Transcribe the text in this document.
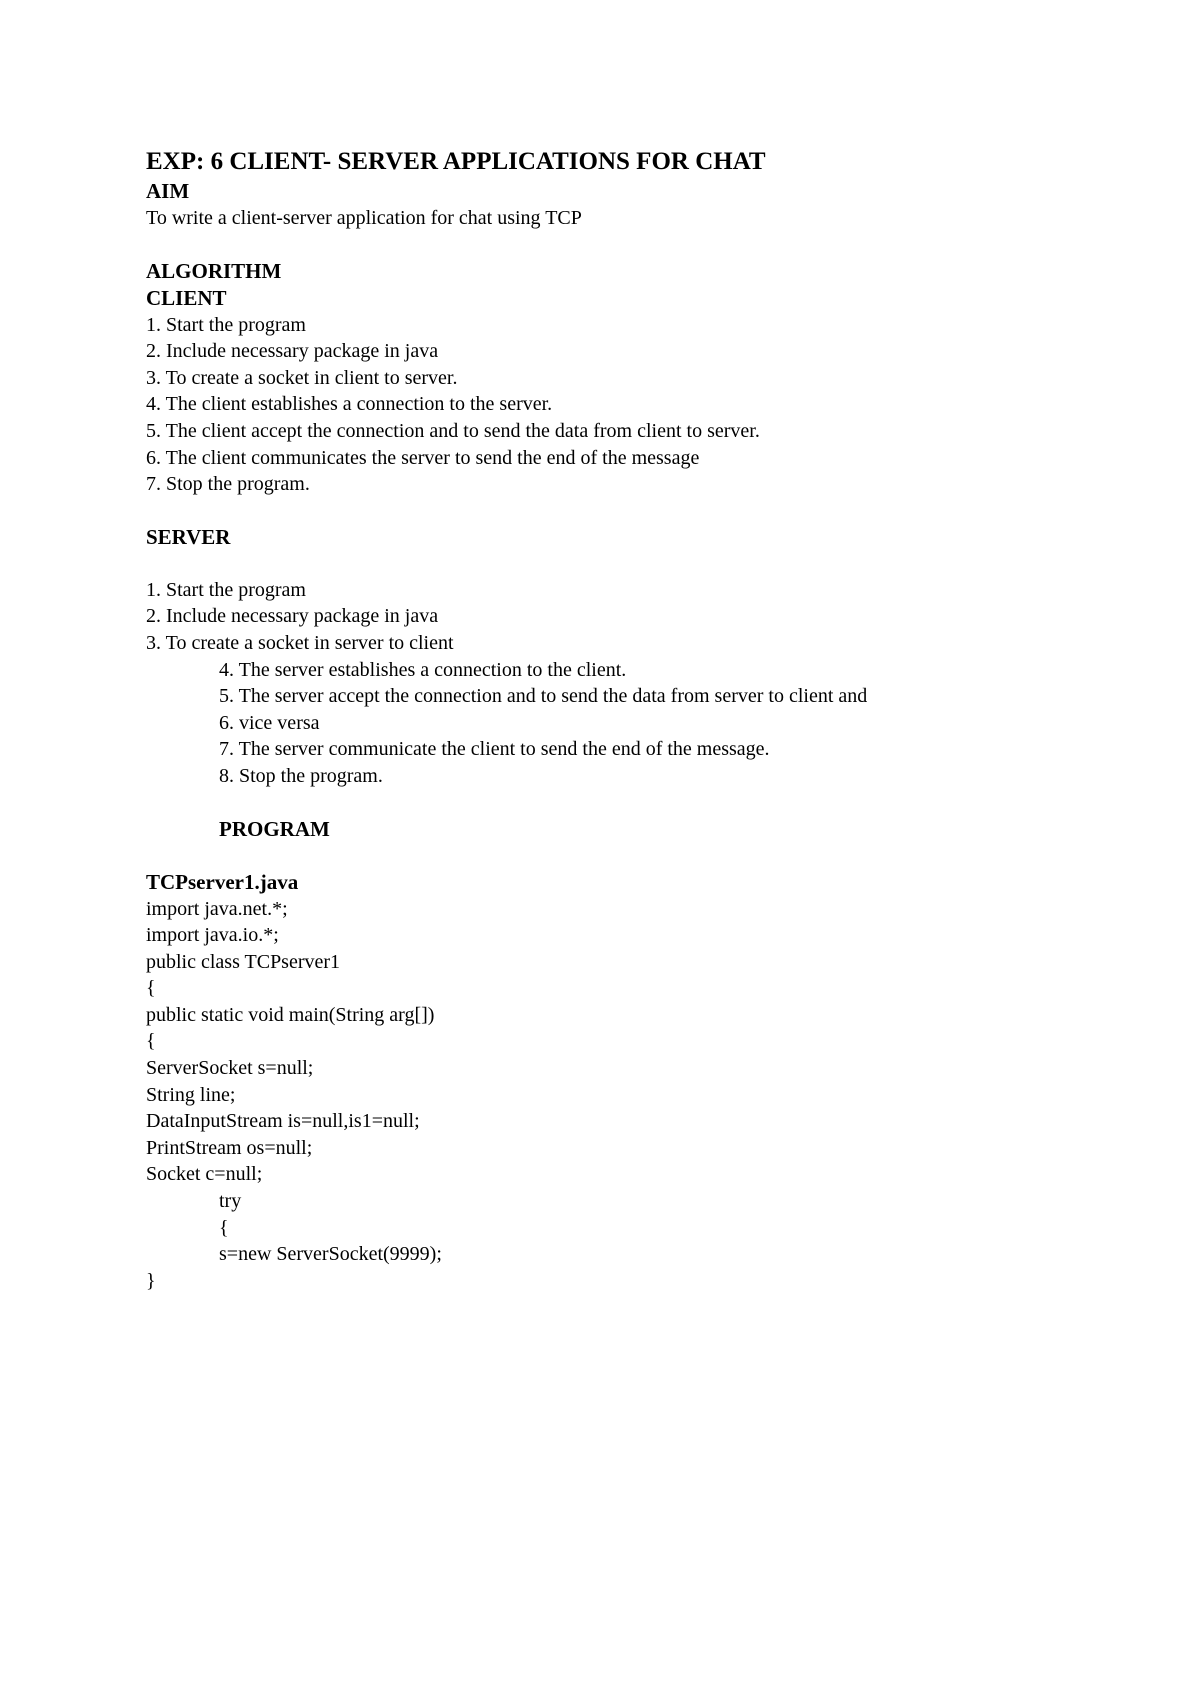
EXP: 6 CLIENT- SERVER APPLICATIONS FOR CHAT

AIM

To write a client-server application for chat using TCP

ALGORITHM

CLIENT

1. Start the program
2. Include necessary package in java
3. To create a socket in client to server.
4. The client establishes a connection to the server.
5. The client accept the connection and to send the data from client to server.
6. The client communicates the server to send the end of the message
7. Stop the program.

SERVER

1. Start the program
2. Include necessary package in java
3. To create a socket in server to client
4. The server establishes a connection to the client.
5. The server accept the connection and to send the data from server to client and
6. vice versa
7. The server communicate the client to send the end of the message.
8. Stop the program.

PROGRAM

TCPserver1.java

import java.net.*;

import java.io.*;

public class TCPserver1

{

public static void main(String arg[])

{

ServerSocket s=null;

String line;

DataInputStream is=null,is1=null;

PrintStream os=null;

Socket c=null;

try

{

s=new ServerSocket(9999);

}
